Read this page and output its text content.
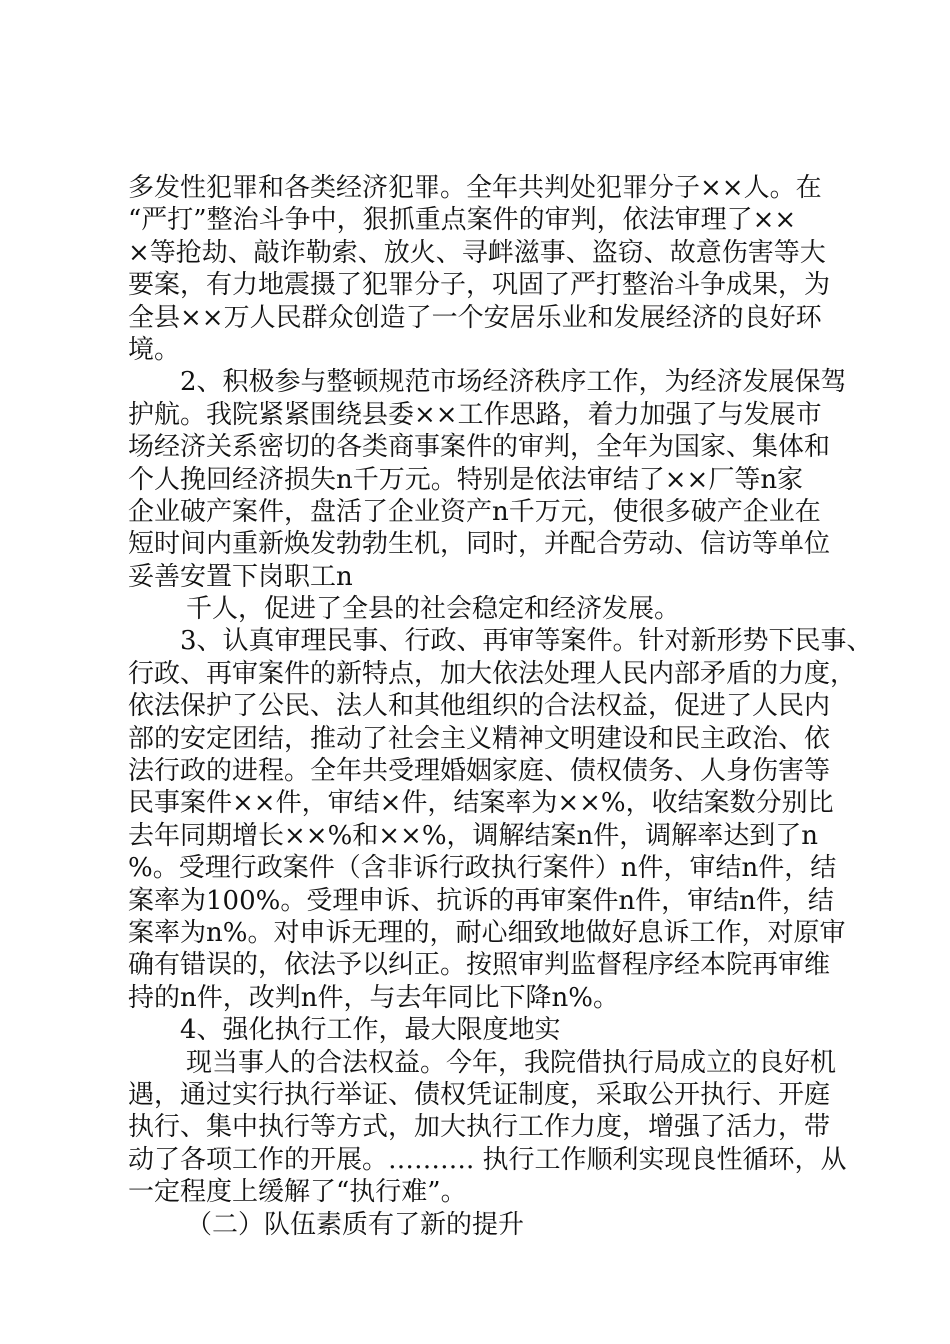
多发性犯罪和各类经济犯罪。全年共判处犯罪分子××人。在
“严打”整治斗争中，狠抓重点案件的审判，依法审理了××
×等抢劫、敲诈勒索、放火、寻衅滋事、盗窃、故意伤害等大
要案，有力地震摄了犯罪分子，巩固了严打整治斗争成果，为
全县××万人民群众创造了一个安居乐业和发展经济的良好环
境。
2、积极参与整顿规范市场经济秩序工作，为经济发展保驾
护航。我院紧紧围绕县委××工作思路，着力加强了与发展市
场经济关系密切的各类商事案件的审判，全年为国家、集体和
个人挽回经济损失n千万元。特别是依法审结了××厂等n家
企业破产案件，盘活了企业资产n千万元，使很多破产企业在
短时间内重新焕发勃勃生机，同时，并配合劳动、信访等单位
妥善安置下岗职工n
千人，促进了全县的社会稳定和经济发展。
3、认真审理民事、行政、再审等案件。针对新形势下民事、
行政、再审案件的新特点，加大依法处理人民内部矛盾的力度，
依法保护了公民、法人和其他组织的合法权益，促进了人民内
部的安定团结，推动了社会主义精神文明建设和民主政治、依
法行政的进程。全年共受理婚姻家庭、债权债务、人身伤害等
民事案件××件，审结×件，结案率为××%，收结案数分别比
去年同期增长××%和××%，调解结案n件，调解率达到了n
%。受理行政案件（含非诉行政执行案件）n件，审结n件，结
案率为100%。受理申诉、抗诉的再审案件n件，审结n件，结
案率为n%。对申诉无理的，耐心细致地做好息诉工作，对原审
确有错误的，依法予以纠正。按照审判监督程序经本院再审维
持的n件，改判n件，与去年同比下降n%。
4、强化执行工作，最大限度地实
现当事人的合法权益。今年，我院借执行局成立的良好机
遇，通过实行执行举证、债权凭证制度，采取公开执行、开庭
执行、集中执行等方式，加大执行工作力度，增强了活力，带
动了各项工作的开展。………. 执行工作顺利实现良性循环，从
一定程度上缓解了“执行难”。
（二）队伍素质有了新的提升
